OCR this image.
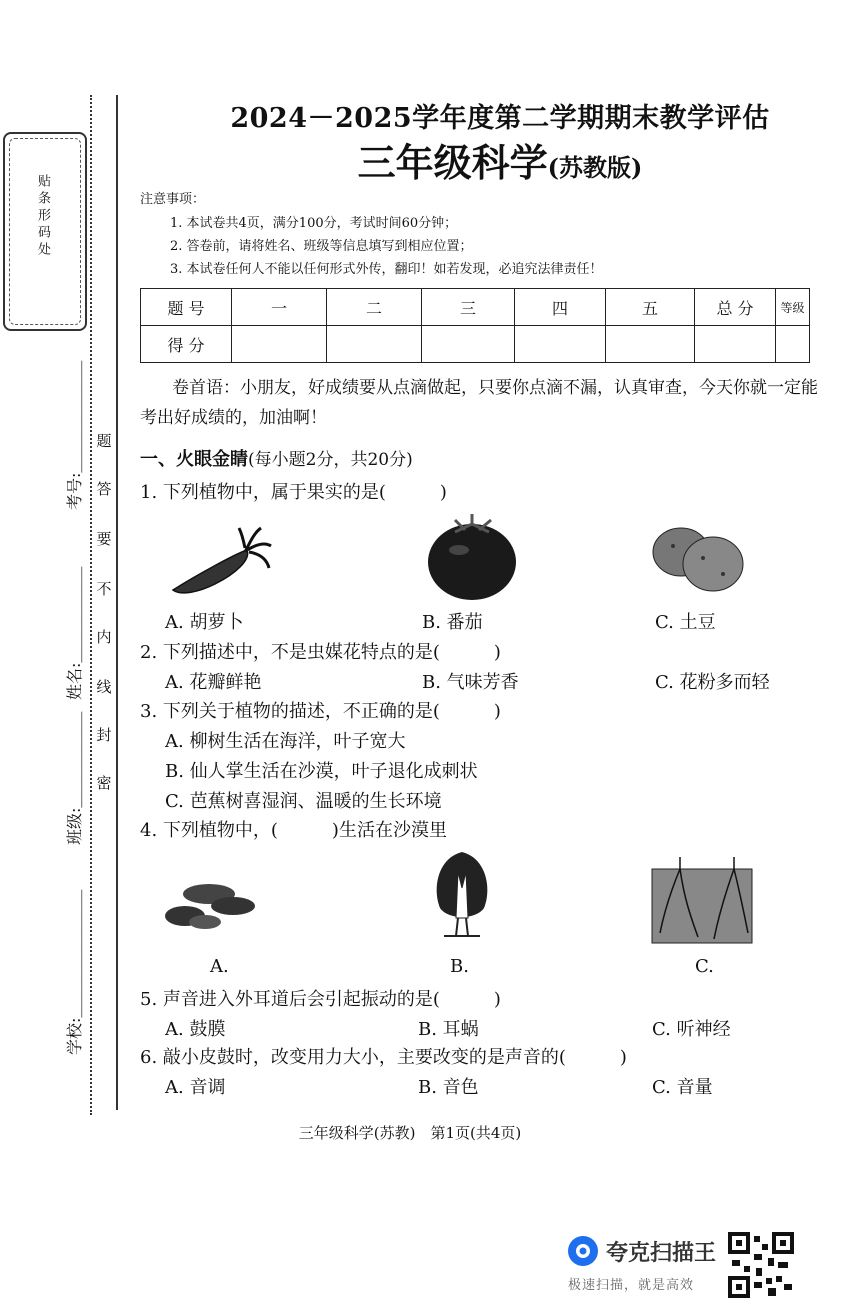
贴条形码处
考号:＿＿＿＿＿＿＿
姓名:＿＿＿＿＿＿
班级:＿＿＿＿＿＿
学校:＿＿＿＿＿＿＿＿
题
答
要
不
内
线
封
密
2024－2025学年度第二学期期末教学评估
三年级科学(苏教版)
注意事项：
1. 本试卷共4页，满分100分，考试时间60分钟；
2. 答卷前，请将姓名、班级等信息填写到相应位置；
3. 本试卷任何人不能以任何形式外传，翻印！如若发现，必追究法律责任！
题 号	一	二	三	四	五	总 分	等级
得 分							
卷首语：小朋友，好成绩要从点滴做起，只要你点滴不漏，认真审查，今天你就一定能考出好成绩的，加油啊！
一、火眼金睛(每小题2分，共20分)
1. 下列植物中，属于果实的是(　　　)
A. 胡萝卜	B. 番茄	C. 土豆
2. 下列描述中，不是虫媒花特点的是(　　　)
A. 花瓣鲜艳	B. 气味芳香	C. 花粉多而轻
3. 下列关于植物的描述，不正确的是(　　　)
A. 柳树生活在海洋，叶子宽大
B. 仙人掌生活在沙漠，叶子退化成刺状
C. 芭蕉树喜湿润、温暖的生长环境
4. 下列植物中，(　　　)生活在沙漠里
A.	B.	C.
5. 声音进入外耳道后会引起振动的是(　　　)
A. 鼓膜	B. 耳蜗	C. 听神经
6. 敲小皮鼓时，改变用力大小，主要改变的是声音的(　　　)
A. 音调	B. 音色	C. 音量
三年级科学(苏教)　第1页(共4页)
夸克扫描王
极速扫描，就是高效
